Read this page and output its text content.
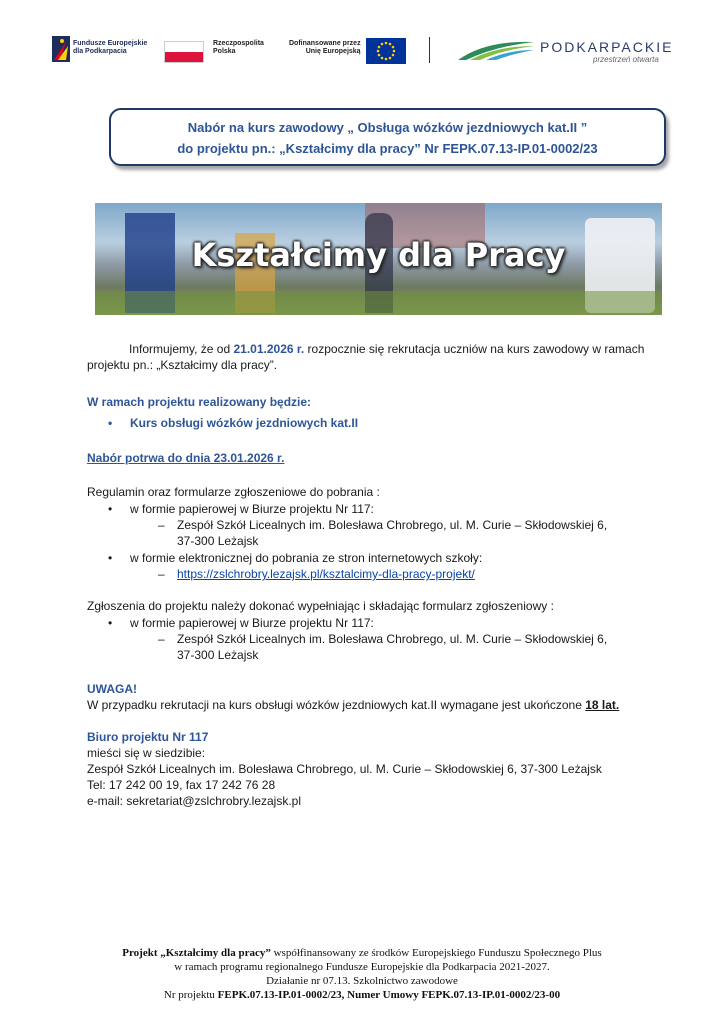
Fundusze Europejskie
dla Podkarpacia
Rzeczpospolita
Polska
Dofinansowane przez
Unię Europejską	PODKARPACKIE
przestrzeń otwarta
Nabór na kurs zawodowy „ Obsługa wózków jezdniowych kat.II ”
do projektu pn.: „Kształcimy dla pracy” Nr FEPK.07.13-IP.01-0002/23
Kształcimy dla Pracy
Informujemy, że od 21.01.2026 r. rozpocznie się rekrutacja uczniów na kurs zawodowy w ramach
projektu pn.: „Kształcimy dla pracy”.
W ramach projektu realizowany będzie:
• Kurs obsługi wózków jezdniowych kat.II
Nabór potrwa do dnia 23.01.2026 r.
Regulamin oraz formularze zgłoszeniowe do pobrania :
• w formie papierowej w Biurze projektu Nr 117:
– Zespół Szkół Licealnych im. Bolesława Chrobrego, ul. M. Curie – Skłodowskiej 6,
37-300 Leżajsk
• w formie elektronicznej do pobrania ze stron internetowych szkoły:
– https://zslchrobry.lezajsk.pl/ksztalcimy-dla-pracy-projekt/
Zgłoszenia do projektu należy dokonać wypełniając i składając formularz zgłoszeniowy :
• w formie papierowej w Biurze projektu Nr 117:
– Zespół Szkół Licealnych im. Bolesława Chrobrego, ul. M. Curie – Skłodowskiej 6,
37-300 Leżajsk
UWAGA!
W przypadku rekrutacji na kurs obsługi wózków jezdniowych kat.II wymagane jest ukończone 18 lat.
Biuro projektu Nr 117
mieści się w siedzibie:
Zespół Szkół Licealnych im. Bolesława Chrobrego, ul. M. Curie – Skłodowskiej 6, 37-300 Leżajsk
Tel: 17 242 00 19, fax 17 242 76 28
e-mail: sekretariat@zslchrobry.lezajsk.pl
Projekt „Kształcimy dla pracy” współfinansowany ze środków Europejskiego Funduszu Społecznego Plus
w ramach programu regionalnego Fundusze Europejskie dla Podkarpacia 2021-2027.
Działanie nr 07.13. Szkolnictwo zawodowe
Nr projektu FEPK.07.13-IP.01-0002/23, Numer Umowy FEPK.07.13-IP.01-0002/23-00
